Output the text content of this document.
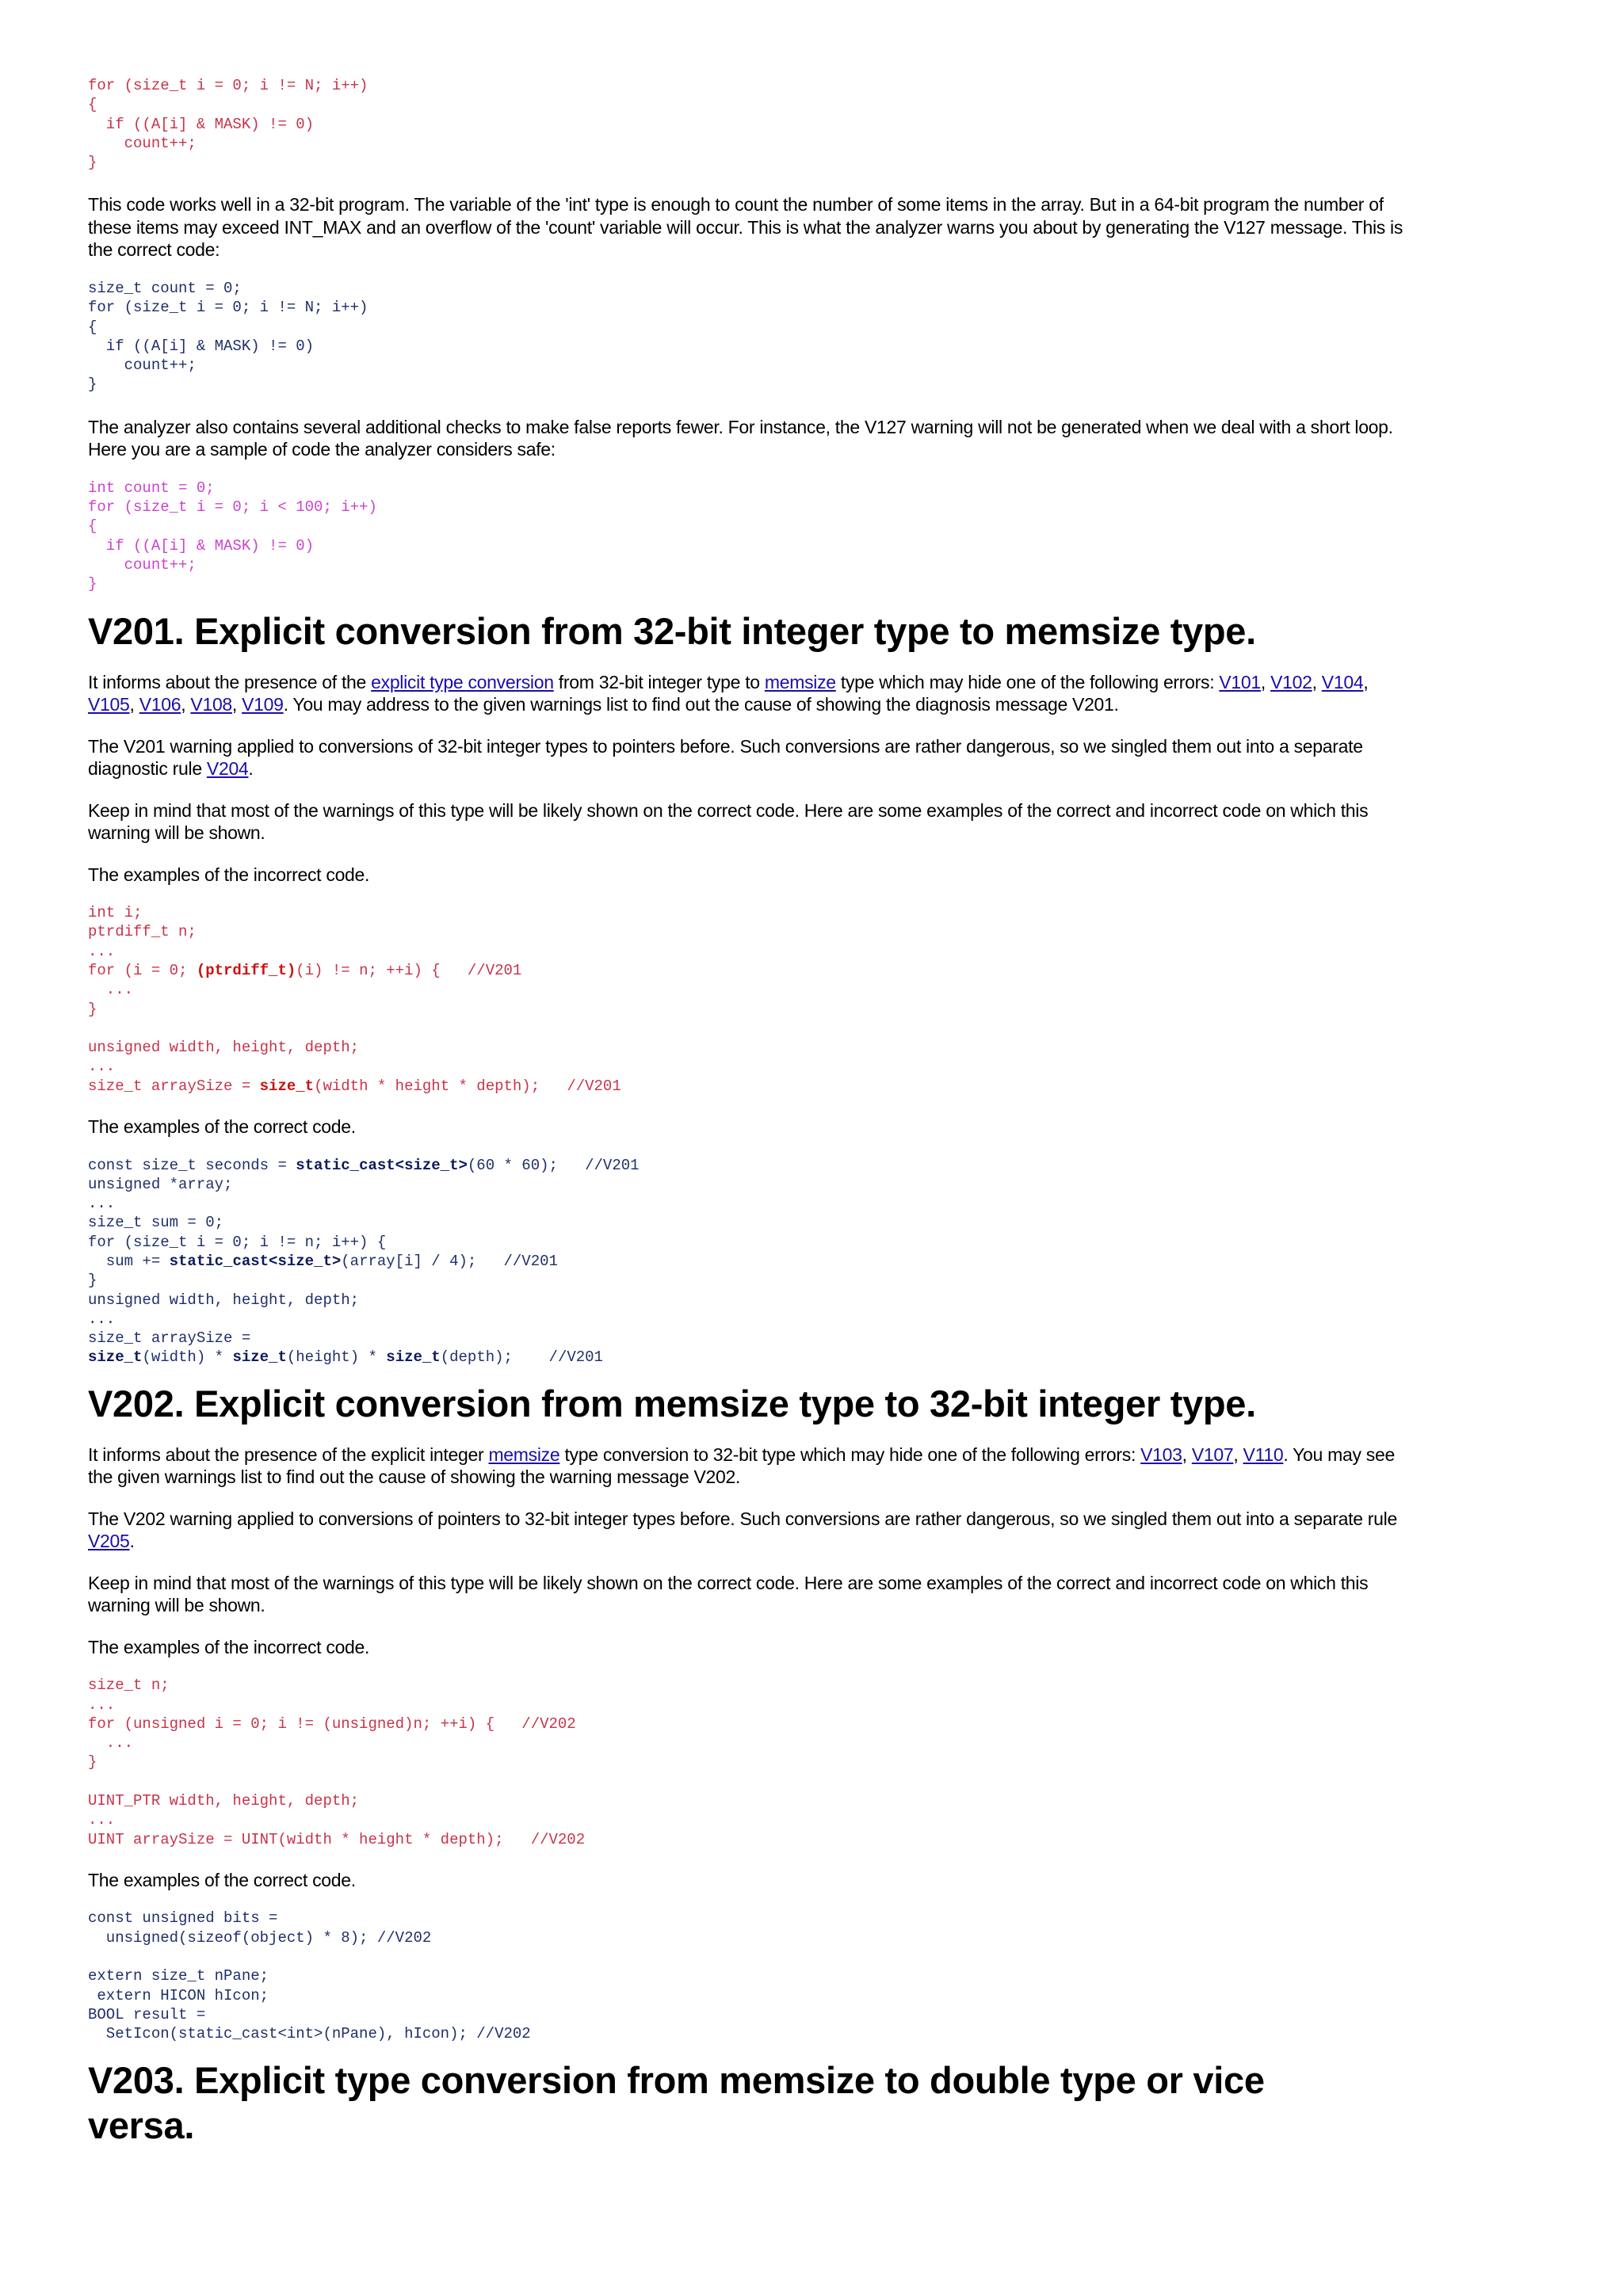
for (size_t i = 0; i != N; i++)
{
if ((A[i] & MASK) != 0)
count++;
}

This code works well in a 32-bit program. The variable of the 'int' type is enough to count the number of some items in the array. But in a 64-bit program the number of these items may exceed INT_MAX and an overflow of the 'count' variable will occur. This is what the analyzer warns you about by generating the V127 message. This is the correct code:

size_t count = 0;
for (size_t i = 0; i != N; i++)
{
if ((A[i] & MASK) != 0)
count++;
}

The analyzer also contains several additional checks to make false reports fewer. For instance, the V127 warning will not be generated when we deal with a short loop. Here you are a sample of code the analyzer considers safe:

int count = 0;
for (size_t i = 0; i < 100; i++)
{
if ((A[i] & MASK) != 0)
count++;
}
V201. Explicit conversion from 32-bit integer type to memsize type.

It informs about the presence of the explicit type conversion from 32-bit integer type to memsize type which may hide one of the following errors: V101, V102, V104, V105, V106, V108, V109. You may address to the given warnings list to find out the cause of showing the diagnosis message V201.

The V201 warning applied to conversions of 32-bit integer types to pointers before. Such conversions are rather dangerous, so we singled them out into a separate diagnostic rule V204.

Keep in mind that most of the warnings of this type will be likely shown on the correct code. Here are some examples of the correct and incorrect code on which this warning will be shown.

The examples of the incorrect code.

int i;
ptrdiff_t n;
...
for (i = 0; (ptrdiff_t)(i) != n; ++i) {   //V201
...
}
unsigned width, height, depth;
...
size_t arraySize = size_t(width * height * depth);   //V201

The examples of the correct code.

const size_t seconds = static_cast<size_t>(60 * 60);   //V201
unsigned *array;
...
size_t sum = 0;
for (size_t i = 0; i != n; i++) {
sum += static_cast<size_t>(array[i] / 4);   //V201
}
unsigned width, height, depth;
...
size_t arraySize =
size_t(width) * size_t(height) * size_t(depth);    //V201
V202. Explicit conversion from memsize type to 32-bit integer type.

It informs about the presence of the explicit integer memsize type conversion to 32-bit type which may hide one of the following errors: V103, V107, V110. You may see the given warnings list to find out the cause of showing the warning message V202.

The V202 warning applied to conversions of pointers to 32-bit integer types before. Such conversions are rather dangerous, so we singled them out into a separate rule V205.

Keep in mind that most of the warnings of this type will be likely shown on the correct code. Here are some examples of the correct and incorrect code on which this warning will be shown.

The examples of the incorrect code.

size_t n;
...
for (unsigned i = 0; i != (unsigned)n; ++i) {   //V202
...
}
UINT_PTR width, height, depth;
...
UINT arraySize = UINT(width * height * depth);   //V202

The examples of the correct code.

const unsigned bits =
unsigned(sizeof(object) * 8); //V202
extern size_t nPane;
extern HICON hIcon;
BOOL result =
SetIcon(static_cast<int>(nPane), hIcon); //V202
V203. Explicit type conversion from memsize to double type or vice versa.
